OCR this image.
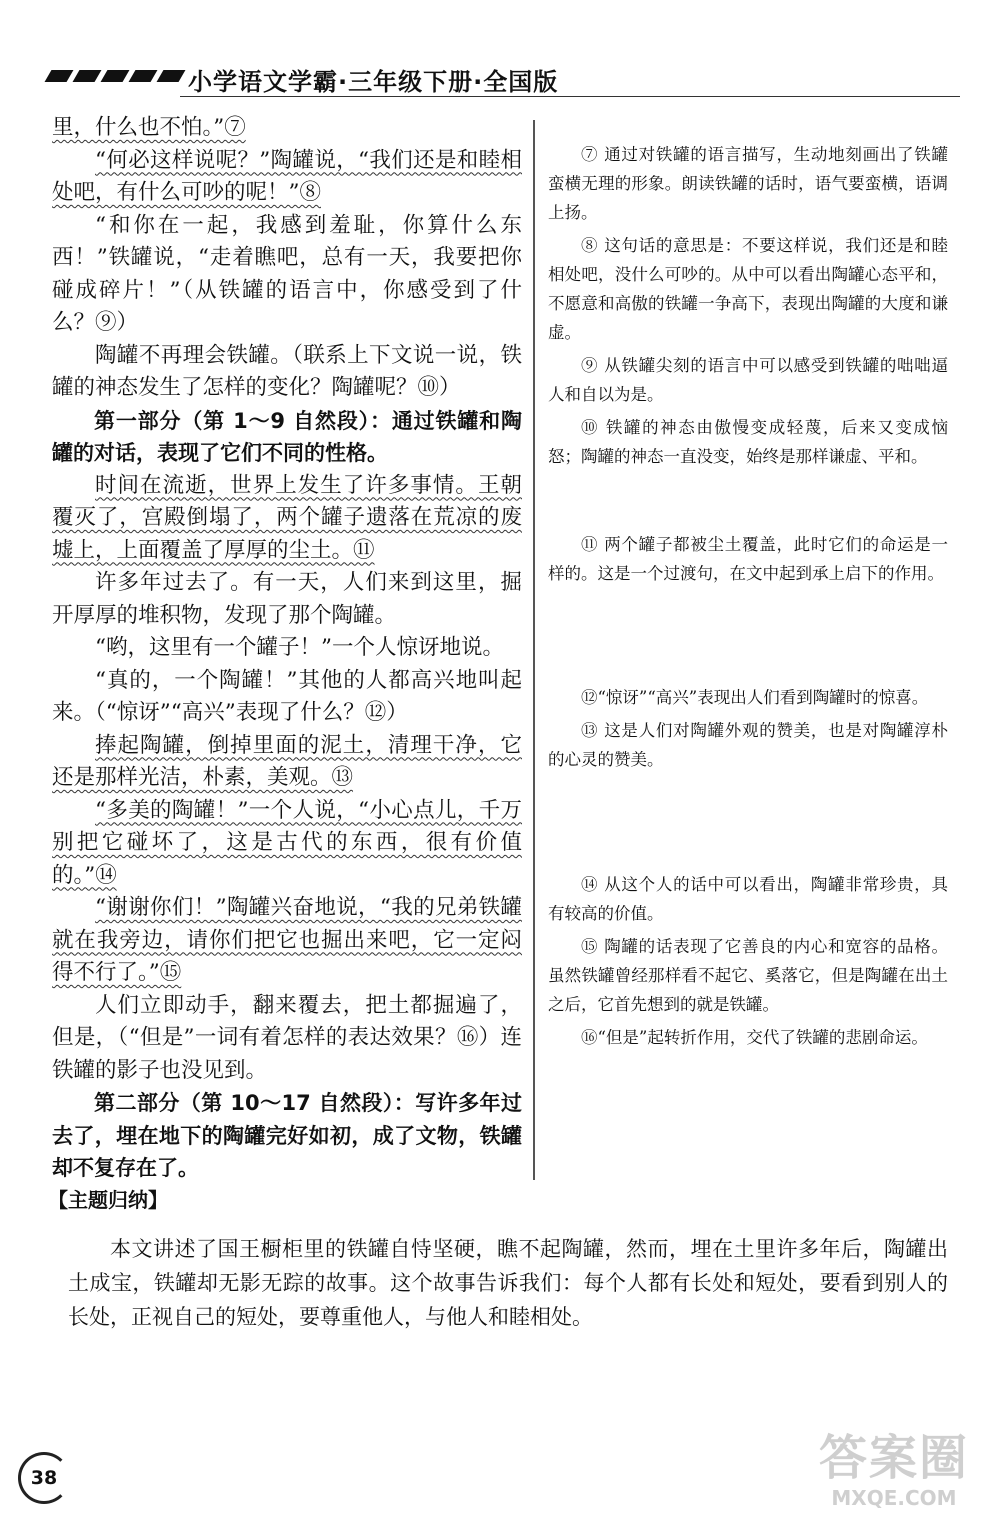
小学语文学霸·三年级下册·全国版

里，什么也不怕。”⑦

“何必这样说呢？”陶罐说，“我们还是和睦相处吧，有什么可吵的呢！”⑧

“和你在一起，我感到羞耻，你算什么东西！”铁罐说，“走着瞧吧，总有一天，我要把你碰成碎片！”（从铁罐的语言中，你感受到了什么？⑨）

陶罐不再理会铁罐。（联系上下文说一说，铁罐的神态发生了怎样的变化？陶罐呢？⑩）

第一部分（第 1～9 自然段）：通过铁罐和陶罐的对话，表现了它们不同的性格。

时间在流逝，世界上发生了许多事情。王朝覆灭了，宫殿倒塌了，两个罐子遗落在荒凉的废墟上，上面覆盖了厚厚的尘土。⑪

许多年过去了。有一天，人们来到这里，掘开厚厚的堆积物，发现了那个陶罐。

“哟，这里有一个罐子！”一个人惊讶地说。

“真的，一个陶罐！”其他的人都高兴地叫起来。（“惊讶”“高兴”表现了什么？⑫）

捧起陶罐，倒掉里面的泥土，清理干净，它还是那样光洁，朴素，美观。⑬

“多美的陶罐！”一个人说，“小心点儿，千万别把它碰坏了，这是古代的东西，很有价值的。”⑭

“谢谢你们！”陶罐兴奋地说，“我的兄弟铁罐就在我旁边，请你们把它也掘出来吧，它一定闷得不行了。”⑮

人们立即动手，翻来覆去，把土都掘遍了，但是，（“但是”一词有着怎样的表达效果？⑯）连铁罐的影子也没见到。

第二部分（第 10～17 自然段）：写许多年过去了，埋在地下的陶罐完好如初，成了文物，铁罐却不复存在了。

⑦ 通过对铁罐的语言描写，生动地刻画出了铁罐蛮横无理的形象。朗读铁罐的话时，语气要蛮横，语调上扬。

⑧ 这句话的意思是：不要这样说，我们还是和睦相处吧，没什么可吵的。从中可以看出陶罐心态平和，不愿意和高傲的铁罐一争高下，表现出陶罐的大度和谦虚。

⑨ 从铁罐尖刻的语言中可以感受到铁罐的咄咄逼人和自以为是。

⑩ 铁罐的神态由傲慢变成轻蔑，后来又变成恼怒；陶罐的神态一直没变，始终是那样谦虚、平和。

⑪ 两个罐子都被尘土覆盖，此时它们的命运是一样的。这是一个过渡句，在文中起到承上启下的作用。

⑫“惊讶”“高兴”表现出人们看到陶罐时的惊喜。

⑬ 这是人们对陶罐外观的赞美，也是对陶罐淳朴的心灵的赞美。

⑭ 从这个人的话中可以看出，陶罐非常珍贵，具有较高的价值。

⑮ 陶罐的话表现了它善良的内心和宽容的品格。虽然铁罐曾经那样看不起它、奚落它，但是陶罐在出土之后，它首先想到的就是铁罐。

⑯“但是”起转折作用，交代了铁罐的悲剧命运。

【主题归纳】

本文讲述了国王橱柜里的铁罐自恃坚硬，瞧不起陶罐，然而，埋在土里许多年后，陶罐出土成宝，铁罐却无影无踪的故事。这个故事告诉我们：每个人都有长处和短处，要看到别人的长处，正视自己的短处，要尊重他人，与他人和睦相处。

38	答案圈
MXQE.COM
